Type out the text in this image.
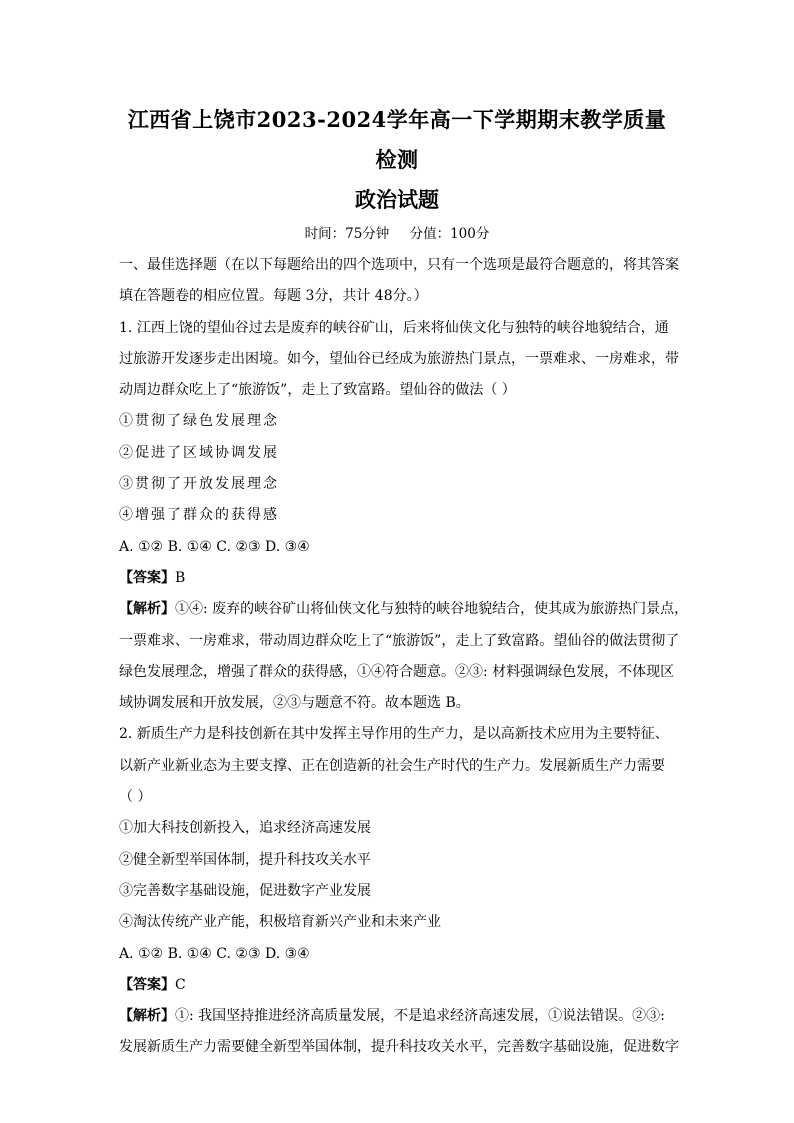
江西省上饶市2023-2024学年高一下学期期末教学质量检测
政治试题
时间：75分钟 分值：100分

一、最佳选择题（在以下每题给出的四个选项中，只有一个选项是最符合题意的，将其答案

填在答题卷的相应位置。每题 3分，共计 48分。）

1. 江西上饶的望仙谷过去是废弃的峡谷矿山，后来将仙侠文化与独特的峡谷地貌结合，通

过旅游开发逐步走出困境。如今，望仙谷已经成为旅游热门景点，一票难求、一房难求，带

动周边群众吃上了“旅游饭”，走上了致富路。望仙谷的做法（ ）

①贯彻了绿色发展理念

②促进了区域协调发展

③贯彻了开放发展理念

④增强了群众的获得感

A. ①② B. ①④ C. ②③ D. ③④

【答案】B

【解析】①④: 废弃的峡谷矿山将仙侠文化与独特的峡谷地貌结合，使其成为旅游热门景点，

一票难求、一房难求，带动周边群众吃上了“旅游饭”，走上了致富路。望仙谷的做法贯彻了

绿色发展理念，增强了群众的获得感，①④符合题意。②③: 材料强调绿色发展，不体现区

域协调发展和开放发展，②③与题意不符。故本题选 B。

2. 新质生产力是科技创新在其中发挥主导作用的生产力，是以高新技术应用为主要特征、

以新产业新业态为主要支撑、正在创造新的社会生产时代的生产力。发展新质生产力需要

（ ）

①加大科技创新投入，追求经济高速发展

②健全新型举国体制，提升科技攻关水平

③完善数字基础设施，促进数字产业发展

④淘汰传统产业产能，积极培育新兴产业和未来产业

A. ①② B. ①④ C. ②③ D. ③④

【答案】C

【解析】①: 我国坚持推进经济高质量发展，不是追求经济高速发展，①说法错误。②③:

发展新质生产力需要健全新型举国体制，提升科技攻关水平，完善数字基础设施，促进数字
